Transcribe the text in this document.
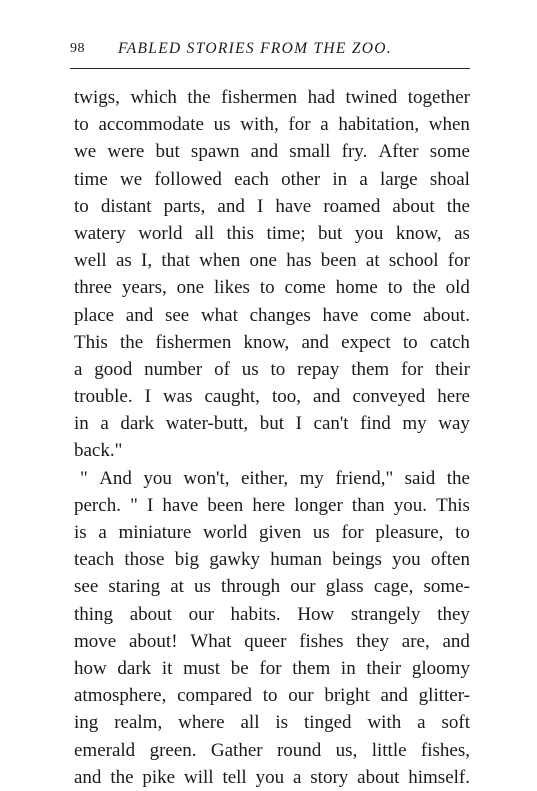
98 FABLED STORIES FROM THE ZOO.
twigs, which the fishermen had twined together
to accommodate us with, for a habitation, when
we were but spawn and small fry. After some
time we followed each other in a large shoal
to distant parts, and I have roamed about the
watery world all this time; but you know, as
well as I, that when one has been at school for
three years, one likes to come home to the old
place and see what changes have come about.
This the fishermen know, and expect to catch
a good number of us to repay them for their
trouble. I was caught, too, and conveyed here
in a dark water-butt, but I can't find my way
back."
" And you won't, either, my friend," said the
perch. " I have been here longer than you. This
is a miniature world given us for pleasure, to
teach those big gawky human beings you often
see staring at us through our glass cage, some-
thing about our habits. How strangely they
move about! What queer fishes they are, and
how dark it must be for them in their gloomy
atmosphere, compared to our bright and glitter-
ing realm, where all is tinged with a soft
emerald green. Gather round us, little fishes,
and the pike will tell you a story about himself.
